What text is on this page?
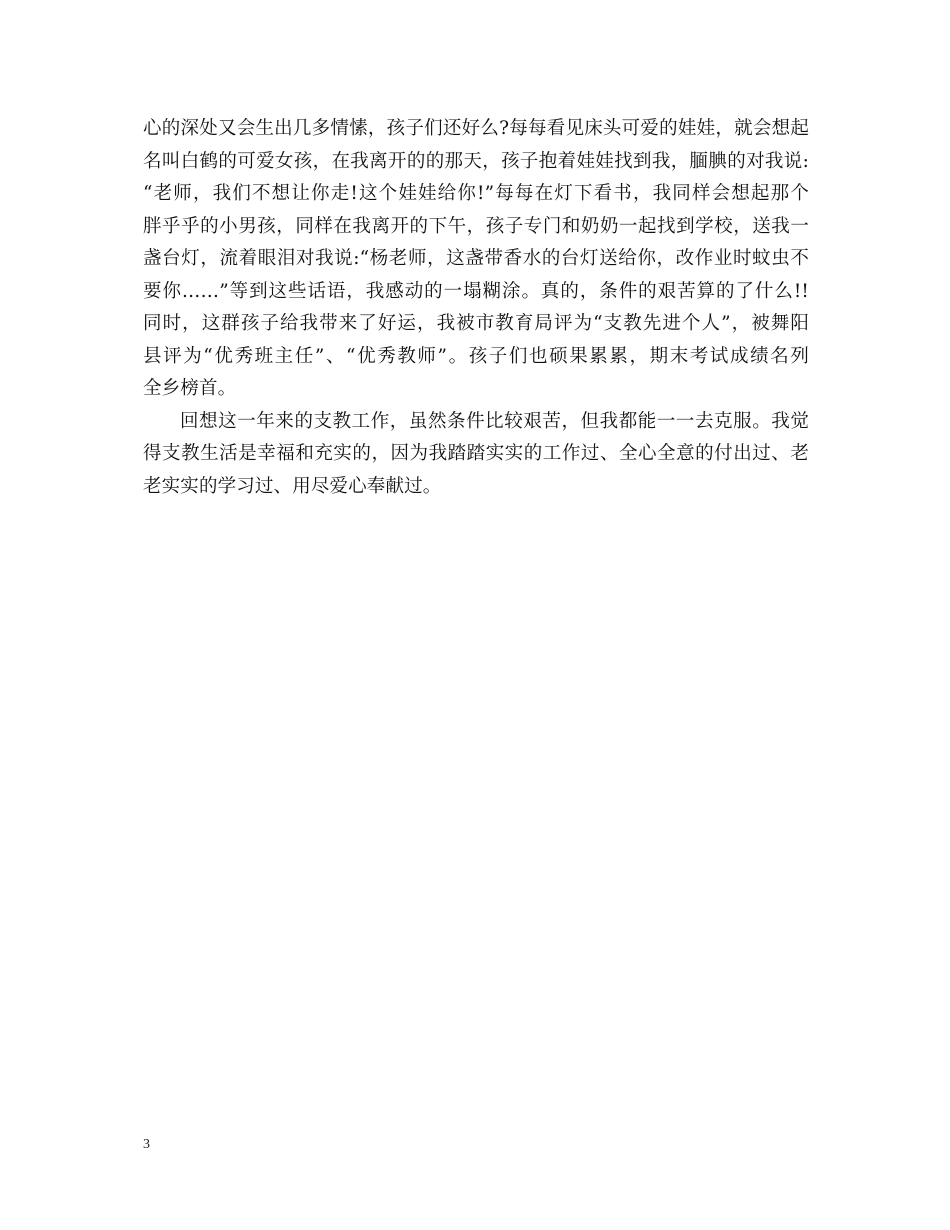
心的深处又会生出几多情愫，孩子们还好么?每每看见床头可爱的娃娃，就会想起
名叫白鹤的可爱女孩，在我离开的的那天，孩子抱着娃娃找到我，腼腆的对我说:
“老师，我们不想让你走!这个娃娃给你!”每每在灯下看书，我同样会想起那个
胖乎乎的小男孩，同样在我离开的下午，孩子专门和奶奶一起找到学校，送我一
盏台灯，流着眼泪对我说:“杨老师，这盏带香水的台灯送给你，改作业时蚊虫不
要你……”等到这些话语，我感动的一塌糊涂。真的，条件的艰苦算的了什么!!
同时，这群孩子给我带来了好运，我被市教育局评为“支教先进个人”，被舞阳
县评为“优秀班主任”、“优秀教师”。孩子们也硕果累累，期末考试成绩名列
全乡榜首。
回想这一年来的支教工作，虽然条件比较艰苦，但我都能一一去克服。我觉
得支教生活是幸福和充实的，因为我踏踏实实的工作过、全心全意的付出过、老
老实实的学习过、用尽爱心奉献过。
3
